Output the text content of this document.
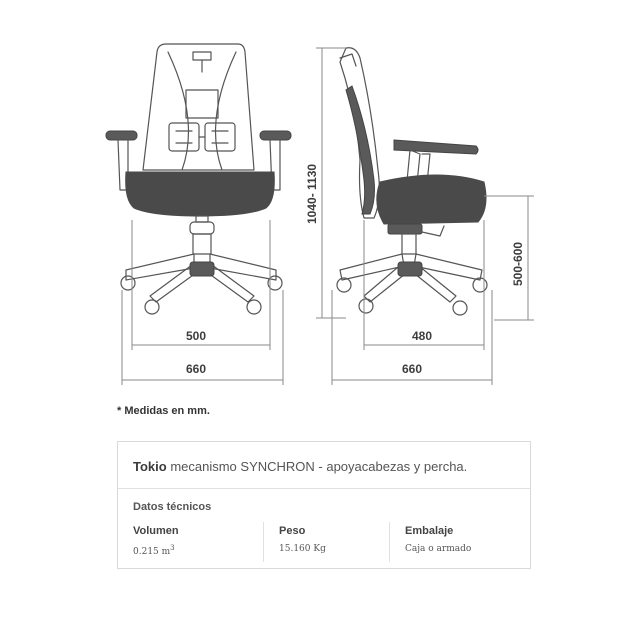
500
660
480
660
1040- 1130
500-600
* Medidas en mm.
Tokio mecanismo SYNCHRON - apoyacabezas y percha.
Datos técnicos
Volumen
0.215 $m^3$
Peso
15.160 Kg
Embalaje
Caja o armado
